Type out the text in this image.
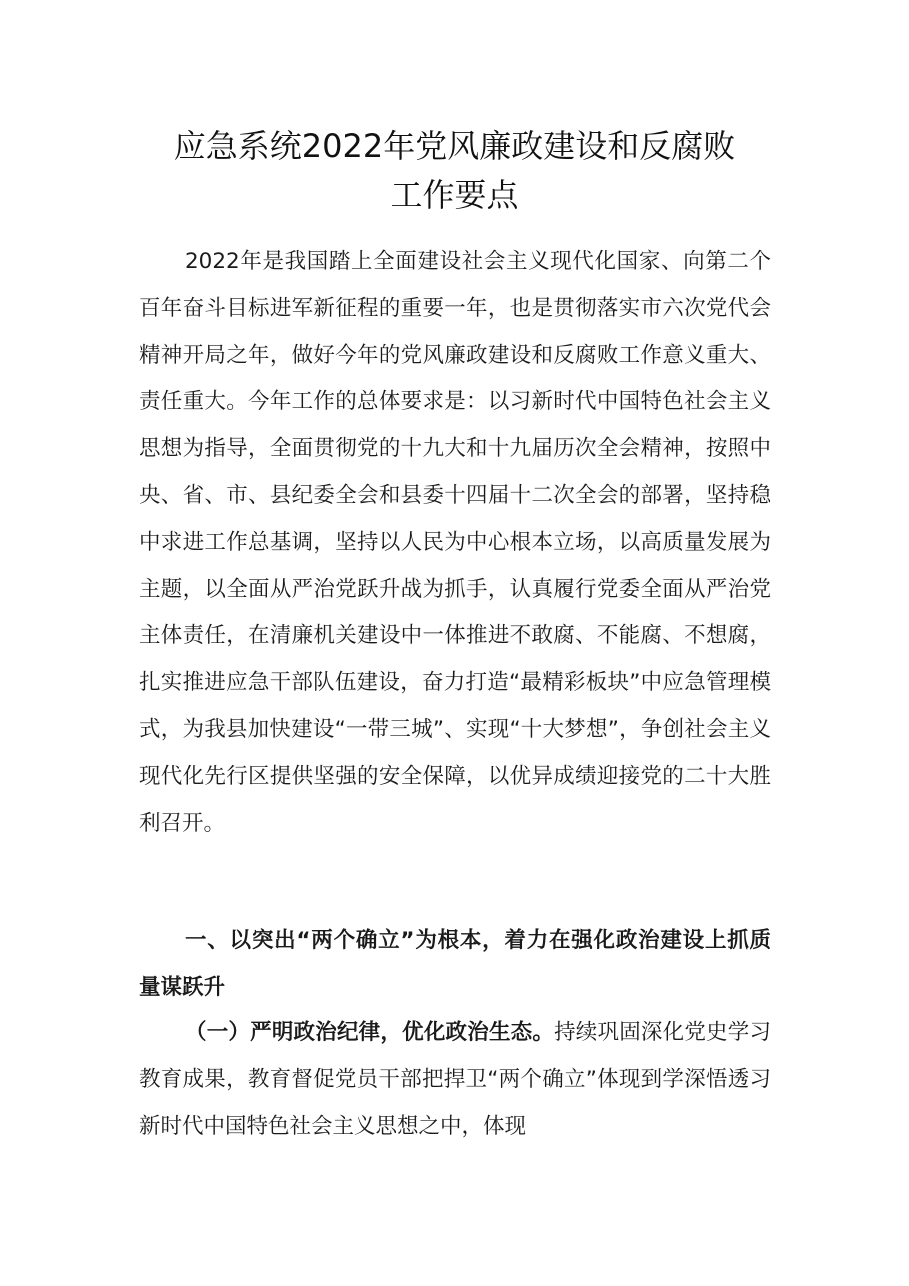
应急系统2022年党风廉政建设和反腐败
工作要点
2022年是我国踏上全面建设社会主义现代化国家、向第二个百年奋斗目标进军新征程的重要一年，也是贯彻落实市六次党代会精神开局之年，做好今年的党风廉政建设和反腐败工作意义重大、责任重大。今年工作的总体要求是：以习新时代中国特色社会主义思想为指导，全面贯彻党的十九大和十九届历次全会精神，按照中央、省、市、县纪委全会和县委十四届十二次全会的部署，坚持稳中求进工作总基调，坚持以人民为中心根本立场，以高质量发展为主题，以全面从严治党跃升战为抓手，认真履行党委全面从严治党主体责任，在清廉机关建设中一体推进不敢腐、不能腐、不想腐，扎实推进应急干部队伍建设，奋力打造“最精彩板块”中应急管理模式，为我县加快建设“一带三城”、实现“十大梦想”，争创社会主义现代化先行区提供坚强的安全保障，以优异成绩迎接党的二十大胜利召开。
一、以突出“两个确立”为根本，着力在强化政治建设上抓质量谋跃升
（一）严明政治纪律，优化政治生态。持续巩固深化党史学习教育成果，教育督促党员干部把捍卫“两个确立”体现到学深悟透习新时代中国特色社会主义思想之中，体现
